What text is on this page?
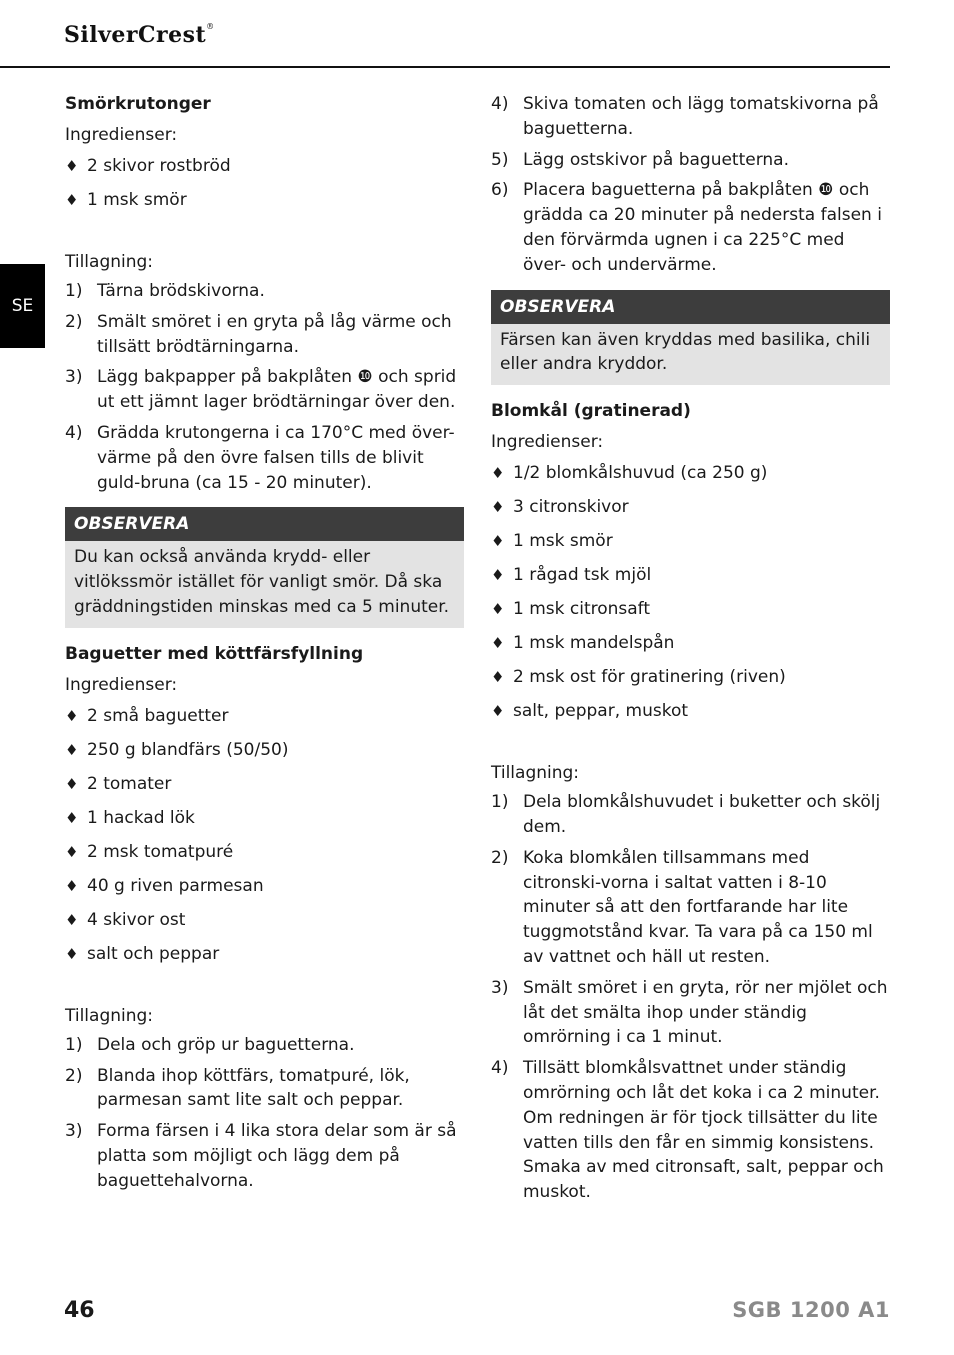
SilverCrest®
SE

Smörkrutonger

Ingredienser:

♦ 2 skivor rostbröd
♦ 1 msk smör

Tillagning:

1) Tärna brödskivorna.
2) Smält smöret i en gryta på låg värme och tillsätt brödtärningarna.
3) Lägg bakpapper på bakplåten ❿ och sprid ut ett jämnt lager brödtärningar över den.
4) Grädda krutongerna i ca 170°C med över-värme på den övre falsen tills de blivit guld-bruna (ca 15 - 20 minuter).
OBSERVERA
Du kan också använda krydd- eller vitlökssmör istället för vanligt smör. Då ska gräddningstiden minskas med ca 5 minuter.

Baguetter med köttfärsfyllning

Ingredienser:

♦ 2 små baguetter
♦ 250 g blandfärs (50/50)
♦ 2 tomater
♦ 1 hackad lök
♦ 2 msk tomatpuré
♦ 40 g riven parmesan
♦ 4 skivor ost
♦ salt och peppar

Tillagning:

1) Dela och gröp ur baguetterna.
2) Blanda ihop köttfärs, tomatpuré, lök, parmesan samt lite salt och peppar.
3) Forma färsen i 4 lika stora delar som är så platta som möjligt och lägg dem på baguettehalvorna.
4) Skiva tomaten och lägg tomatskivorna på baguetterna.
5) Lägg ostskivor på baguetterna.
6) Placera baguetterna på bakplåten ❿ och grädda ca 20 minuter på nedersta falsen i den förvärmda ugnen i ca 225°C med över- och undervärme.
OBSERVERA
Färsen kan även kryddas med basilika, chili eller andra kryddor.

Blomkål (gratinerad)

Ingredienser:

♦ 1/2 blomkålshuvud (ca 250 g)
♦ 3 citronskivor
♦ 1 msk smör
♦ 1 rågad tsk mjöl
♦ 1 msk citronsaft
♦ 1 msk mandelspån
♦ 2 msk ost för gratinering (riven)
♦ salt, peppar, muskot

Tillagning:

1) Dela blomkålshuvudet i buketter och skölj dem.
2) Koka blomkålen tillsammans med citronski-vorna i saltat vatten i 8-10 minuter så att den fortfarande har lite tuggmotstånd kvar. Ta vara på ca 150 ml av vattnet och häll ut resten.
3) Smält smöret i en gryta, rör ner mjölet och låt det smälta ihop under ständig omrörning i ca 1 minut.
4) Tillsätt blomkålsvattnet under ständig omrörning och låt det koka i ca 2 minuter. Om redningen är för tjock tillsätter du lite vatten tills den får en simmig konsistens. Smaka av med citronsaft, salt, peppar och muskot.
46	SGB 1200 A1
